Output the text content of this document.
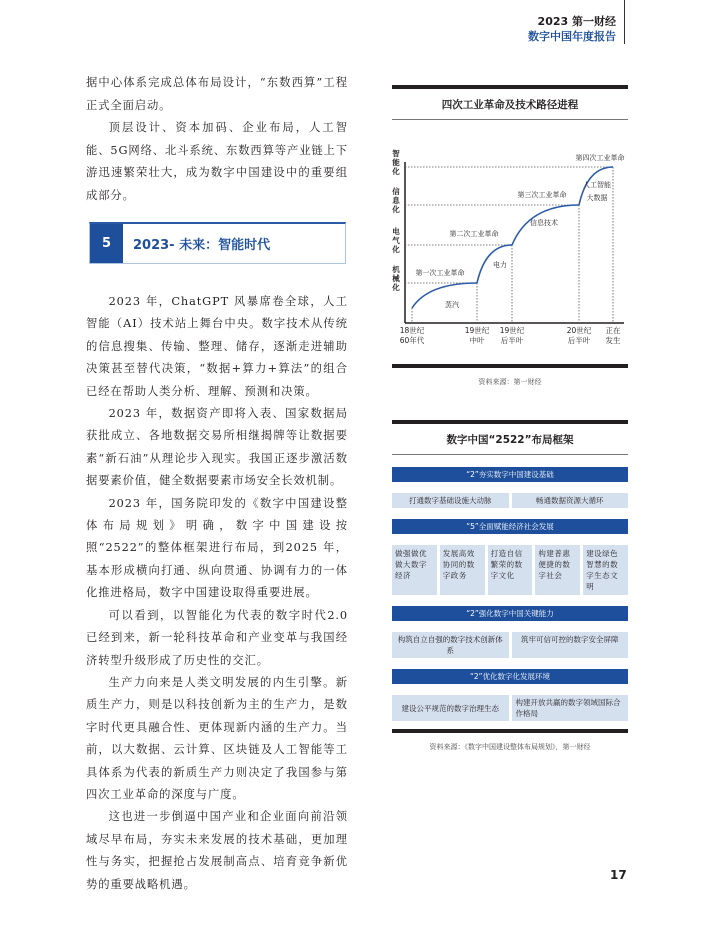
2023 第一财经
数字中国年度报告

据中心体系完成总体布局设计，“东数西算”工程正式全面启动。

顶层设计、资本加码、企业布局，人工智能、5G网络、北斗系统、东数西算等产业链上下游迅速繁荣壮大，成为数字中国建设中的重要组成部分。

5	2023- 未来：智能时代

2023 年，ChatGPT 风暴席卷全球，人工智能（AI）技术站上舞台中央。数字技术从传统的信息搜集、传输、整理、储存，逐渐走进辅助决策甚至替代决策，“数据+算力+算法”的组合已经在帮助人类分析、理解、预测和决策。

2023 年，数据资产即将入表、国家数据局获批成立、各地数据交易所相继揭牌等让数据要素“新石油”从理论步入现实。我国正逐步激活数据要素价值，健全数据要素市场安全长效机制。

2023 年，国务院印发的《数字中国建设整体布局规划》明确，数字中国建设按照“2522”的整体框架进行布局，到2025 年，基本形成横向打通、纵向贯通、协调有力的一体化推进格局，数字中国建设取得重要进展。

可以看到，以智能化为代表的数字时代2.0 已经到来，新一轮科技革命和产业变革与我国经济转型升级形成了历史性的交汇。

生产力向来是人类文明发展的内生引擎。新质生产力，则是以科技创新为主的生产力，是数字时代更具融合性、更体现新内涵的生产力。当前，以大数据、云计算、区块链及人工智能等工具体系为代表的新质生产力则决定了我国参与第四次工业革命的深度与广度。

这也进一步倒逼中国产业和企业面向前沿领域尽早布局，夯实未来发展的技术基础，更加理性与务实，把握抢占发展制高点、培育竞争新优势的重要战略机遇。

四次工业革命及技术路径进程
机
械
化
电
气
化
信
息
化
智
能
化
18世纪
60年代
19世纪
中叶
19世纪
后半叶
20世纪
后半叶
正在
发生
第一次工业革命
第二次工业革命
第三次工业革命
第四次工业革命
蒸汽
电力
信息技术
人工智能
大数据
资料来源：第一财经
数字中国“2522”布局框架
“2”夯实数字中国建设基础
打通数字基础设施大动脉	畅通数据资源大循环
“5”全面赋能经济社会发展
做强做优做大数字经济
发展高效协同的数字政务
打造自信繁荣的数字文化
构建普惠便捷的数字社会
建设绿色智慧的数字生态文明
“2”强化数字中国关键能力
构筑自立自强的数字技术创新体系
筑牢可信可控的数字安全屏障
“2”优化数字化发展环境
建设公平规范的数字治理生态
构建开放共赢的数字领域国际合作格局
资料来源：《数字中国建设整体布局规划》，第一财经
17
